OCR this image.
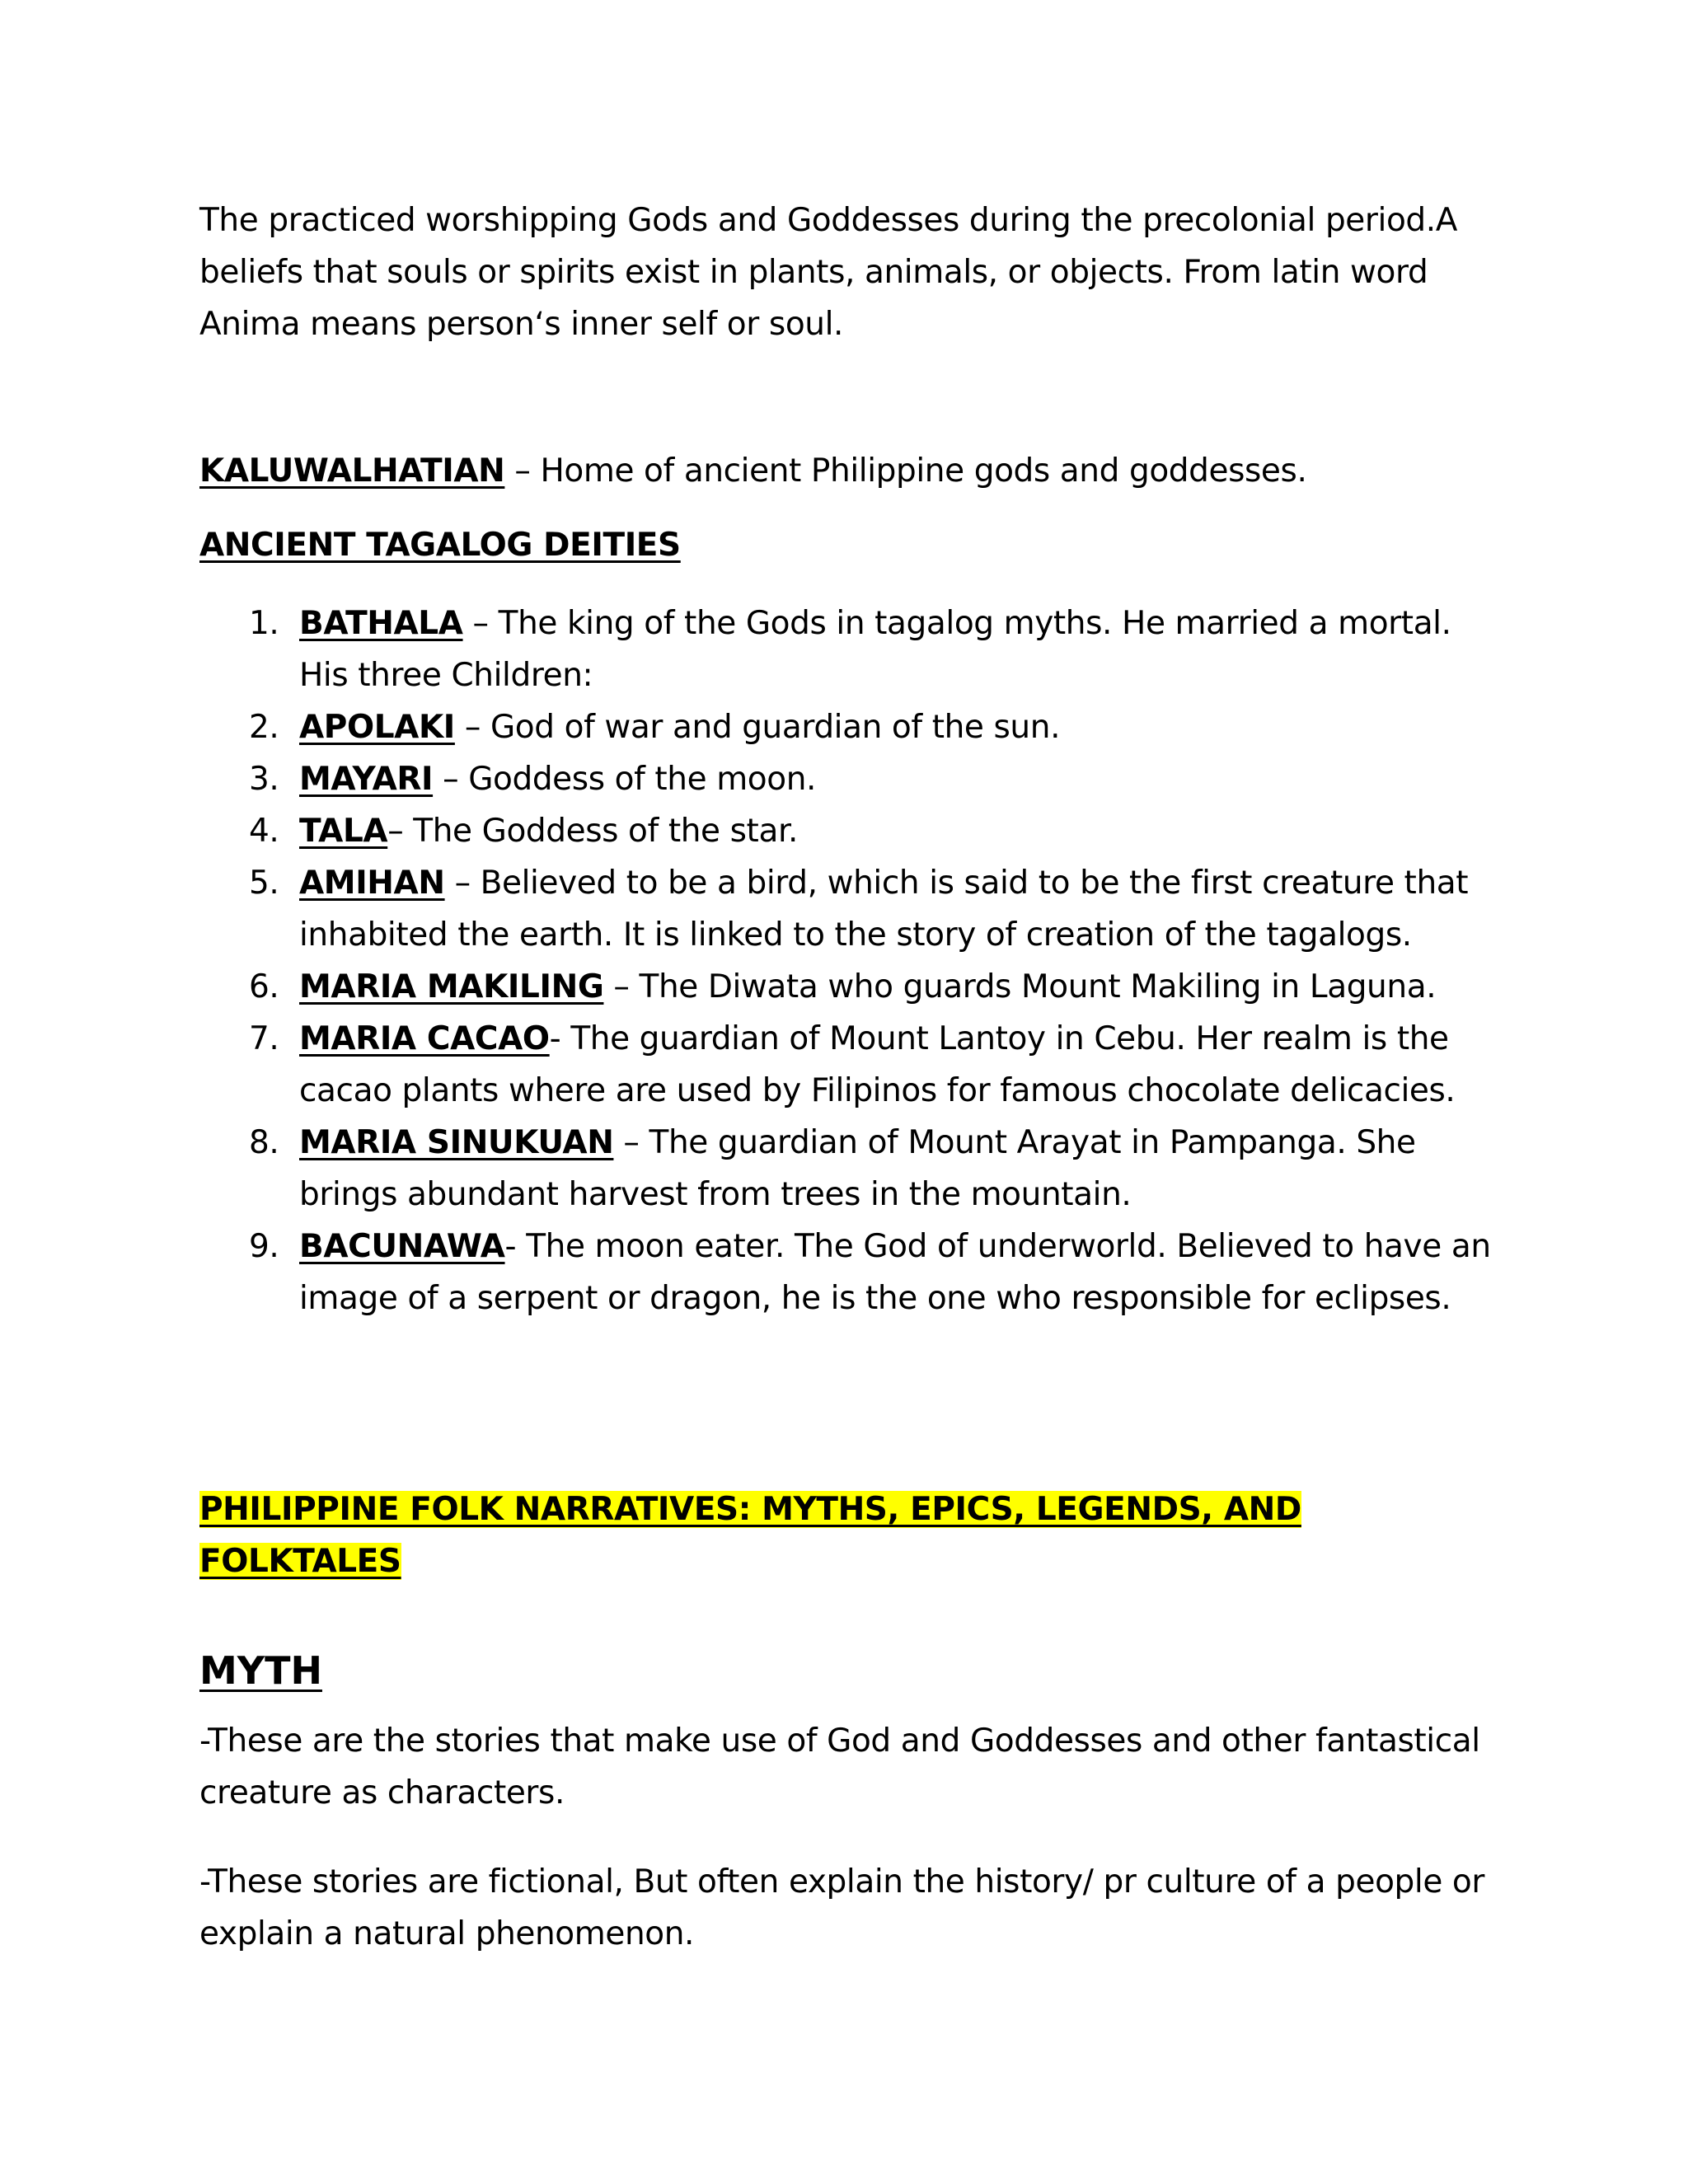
The practiced worshipping Gods and Goddesses during the precolonial period.A beliefs that souls or spirits exist in plants, animals, or objects. From latin word Anima means person‘s inner self or soul.

KALUWALHATIAN – Home of ancient Philippine gods and goddesses.

ANCIENT TAGALOG DEITIES

1. BATHALA – The king of the Gods in tagalog myths. He married a mortal. His three Children:
2. APOLAKI – God of war and guardian of the sun.
3. MAYARI – Goddess of the moon.
4. TALA– The Goddess of the star.
5. AMIHAN – Believed to be a bird, which is said to be the first creature that inhabited the earth. It is linked to the story of creation of the tagalogs.
6. MARIA MAKILING – The Diwata who guards Mount Makiling in Laguna.
7. MARIA CACAO- The guardian of Mount Lantoy in Cebu. Her realm is the cacao plants where are used by Filipinos for famous chocolate delicacies.
8. MARIA SINUKUAN – The guardian of Mount Arayat in Pampanga. She brings abundant harvest from trees in the mountain.
9. BACUNAWA- The moon eater. The God of underworld. Believed to have an image of a serpent or dragon, he is the one who responsible for eclipses.

PHILIPPINE FOLK NARRATIVES: MYTHS, EPICS, LEGENDS, AND FOLKTALES

MYTH

-These are the stories that make use of God and Goddesses and other fantastical creature as characters.

-These stories are fictional, But often explain the history/ pr culture of a people or explain a natural phenomenon.
